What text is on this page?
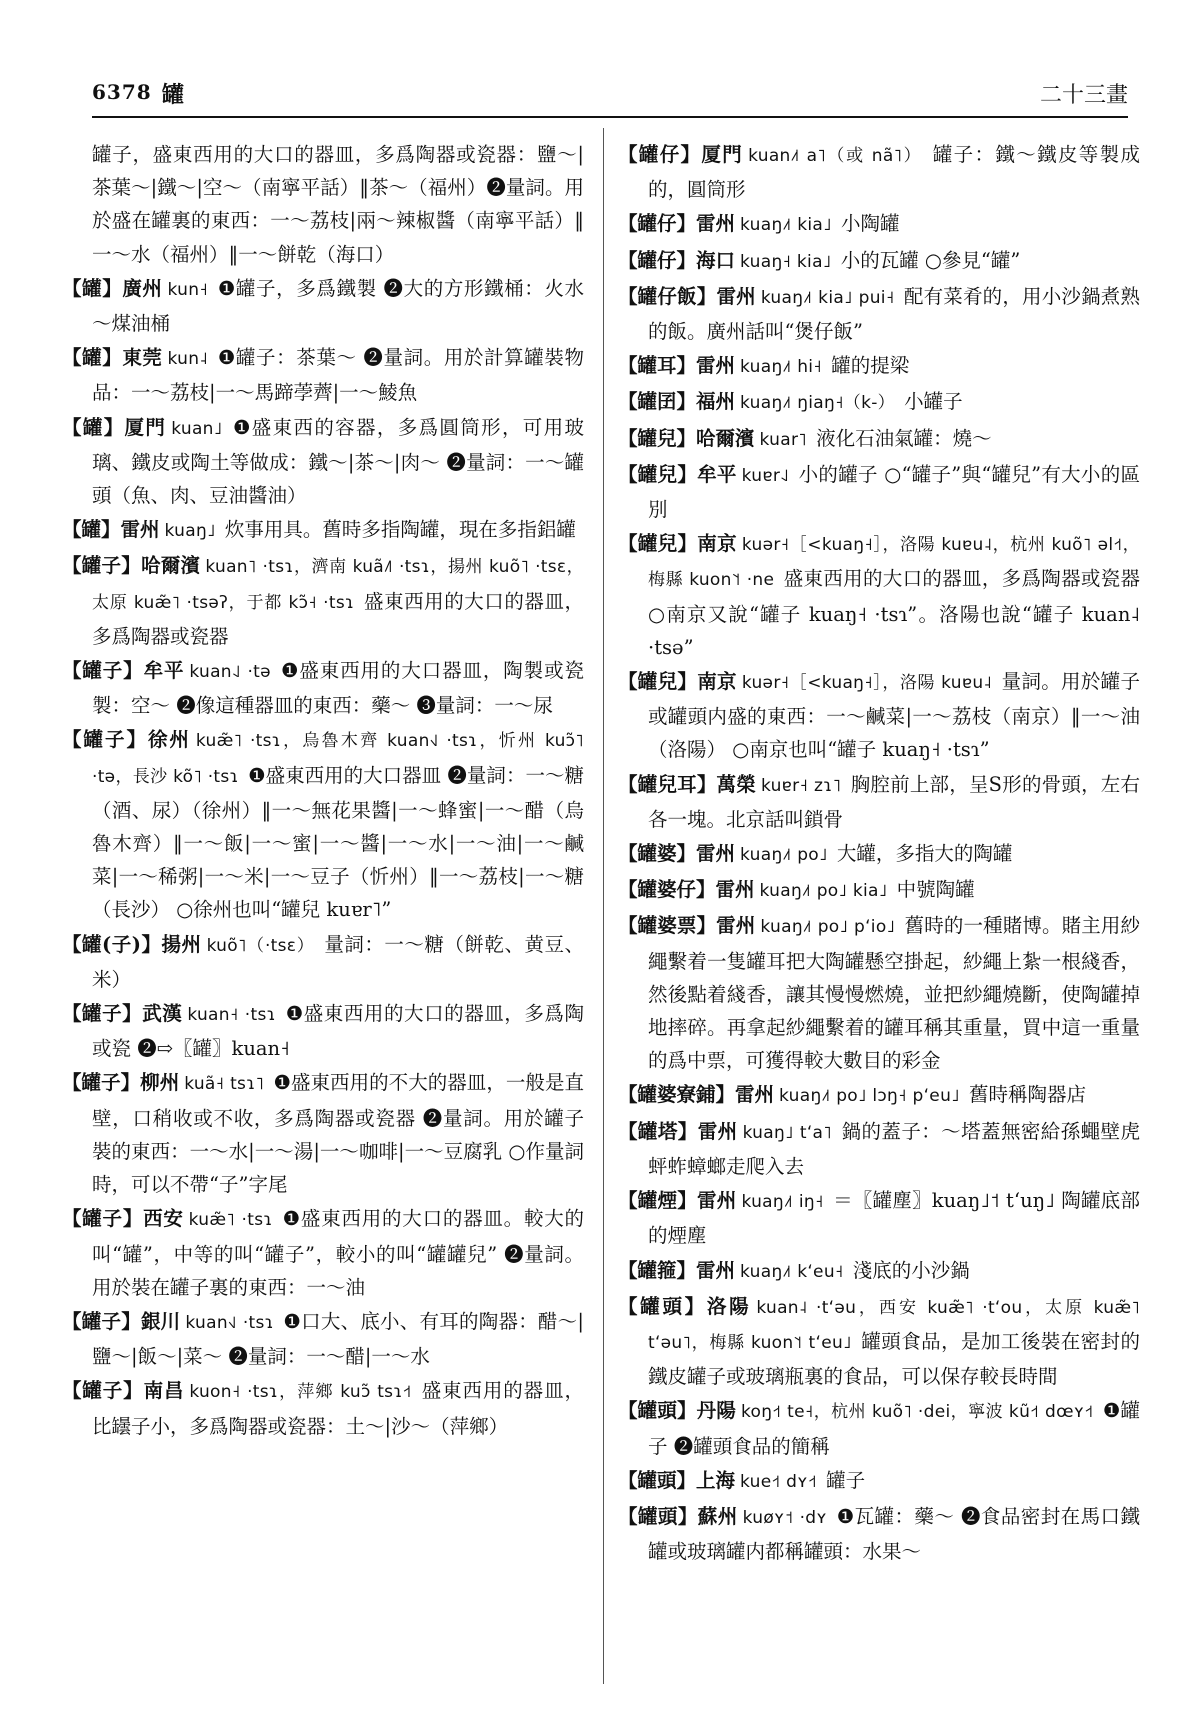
6378 罐	二十三畫

罐子，盛東西用的大口的器皿，多爲陶器或瓷器：鹽～|茶葉～|鐵～|空～（南寧平話）‖茶～（福州）❷量詞。用於盛在罐裏的東西：一～荔枝|兩～辣椒醬（南寧平話）‖一～水（福州）‖一～餅乾（海口）

【罐】廣州 kun˧ ❶罐子，多爲鐵製 ❷大的方形鐵桶：火水～煤油桶

【罐】東莞 kun˨ ❶罐子：茶葉～ ❷量詞。用於計算罐裝物品：一～荔枝|一～馬蹄荸薺|一～鯪魚

【罐】厦門 kuan˩ ❶盛東西的容器，多爲圓筒形，可用玻璃、鐵皮或陶土等做成：鐵～|茶～|肉～ ❷量詞：一～罐頭（魚、肉、豆油醬油）

【罐】雷州 kuaŋ˩ 炊事用具。舊時多指陶罐，現在多指鋁罐

【罐子】哈爾濱 kuan˥ ·tsɿ，濟南 kuã˩˥ ·tsɿ，揚州 kuõ˥ ·tsɛ，太原 kuæ̃˥ ·tsəʔ，于都 kɔ̃˧ ·tsɿ 盛東西用的大口的器皿，多爲陶器或瓷器

【罐子】牟平 kuan˨˩ ·tə ❶盛東西用的大口器皿，陶製或瓷製：空～ ❷像這種器皿的東西：藥～ ❸量詞：一～尿

【罐子】徐州 kuæ̃˥ ·tsɿ，烏魯木齊 kuan˧˩ ·tsɿ，忻州 kuɔ̃˥ ·tə，長沙 kõ˥ ·tsɿ ❶盛東西用的大口器皿 ❷量詞：一～糖（酒、尿）（徐州）‖一～無花果醬|一～蜂蜜|一～醋（烏魯木齊）‖一～飯|一～蜜|一～醬|一～水|一～油|一～鹹菜|一～稀粥|一～米|一～豆子（忻州）‖一～荔枝|一～糖（長沙） ○徐州也叫“罐兒 kuɐr˥”

【罐(子)】揚州 kuõ˥（·tsɛ） 量詞：一～糖（餅乾、黄豆、米）

【罐子】武漢 kuan˧ ·tsɿ ❶盛東西用的大口的器皿，多爲陶或瓷 ❷⇨〖罐〗kuan˧

【罐子】柳州 kuã˧ tsɿ˥ ❶盛東西用的不大的器皿，一般是直壁，口稍收或不收，多爲陶器或瓷器 ❷量詞。用於罐子裝的東西：一～水|一～湯|一～咖啡|一～豆腐乳 ○作量詞時，可以不帶“子”字尾

【罐子】西安 kuæ̃˥ ·tsɿ ❶盛東西用的大口的器皿。較大的叫“罐”，中等的叫“罐子”，較小的叫“罐罐兒” ❷量詞。用於裝在罐子裏的東西：一～油

【罐子】銀川 kuan˧˩ ·tsɿ ❶口大、底小、有耳的陶器：醋～|鹽～|飯～|菜～ ❷量詞：一～醋|一～水

【罐子】南昌 kuon˧ ·tsɿ，萍鄉 kuɔ̃ tsɿ˧˦ 盛東西用的器皿，比罎子小，多爲陶器或瓷器：土～|沙～（萍鄉）

【罐仔】厦門 kuan˩˦ a˥（或 nã˥） 罐子：鐵～鐵皮等製成的，圓筒形

【罐仔】雷州 kuaŋ˩˦ kia˩ 小陶罐

【罐仔】海口 kuaŋ˧ kia˩ 小的瓦罐 ○參見“罐”

【罐仔飯】雷州 kuaŋ˩˦ kia˩ pui˧ 配有菜肴的，用小沙鍋煮熟的飯。廣州話叫“煲仔飯”

【罐耳】雷州 kuaŋ˩˦ hi˧ 罐的提梁

【罐囝】福州 kuaŋ˩˦ ŋiaŋ˧（k-） 小罐子

【罐兒】哈爾濱 kuar˥ 液化石油氣罐：燒～

【罐兒】牟平 kuɐr˨˩ 小的罐子 ○“罐子”與“罐兒”有大小的區別

【罐兒】南京 kuər˧［<kuaŋ˧］，洛陽 kuɐu˨，杭州 kuõ˥ əl˧˦，梅縣 kuon˥˦ ·ne 盛東西用的大口的器皿，多爲陶器或瓷器 ○南京又說“罐子 kuaŋ˧ ·tsɿ”。洛陽也說“罐子 kuan˨ ·tsə”

【罐兒】南京 kuər˧［<kuaŋ˧］，洛陽 kuɐu˨ 量詞。用於罐子或罐頭内盛的東西：一～鹹菜|一～荔枝（南京）‖一～油（洛陽） ○南京也叫“罐子 kuaŋ˧ ·tsɿ”

【罐兒耳】萬榮 kuɐr˧ zɿ˥ 胸腔前上部，呈S形的骨頭，左右各一塊。北京話叫鎖骨

【罐婆】雷州 kuaŋ˩˦ po˩ 大罐，多指大的陶罐

【罐婆仔】雷州 kuaŋ˩˦ po˩ kia˩ 中號陶罐

【罐婆票】雷州 kuaŋ˩˦ po˩ pʻio˩ 舊時的一種賭博。賭主用紗繩繫着一隻罐耳把大陶罐懸空掛起，紗繩上紮一根綫香，然後點着綫香，讓其慢慢燃燒，並把紗繩燒斷，使陶罐掉地摔碎。再拿起紗繩繫着的罐耳稱其重量，買中這一重量的爲中票，可獲得較大數目的彩金

【罐婆寮鋪】雷州 kuaŋ˩˦ po˩ lɔŋ˧ pʻeu˩ 舊時稱陶器店

【罐塔】雷州 kuaŋ˩ tʻa˥ 鍋的蓋子：～塔蓋無密給孫蠅壁虎蚲蚱蟑螂走爬入去

【罐煙】雷州 kuaŋ˩˦ iŋ˧ ＝〖罐塵〗kuaŋ˩˦ tʻuŋ˩ 陶罐底部的煙塵

【罐箍】雷州 kuaŋ˩˦ kʻeu˧ 淺底的小沙鍋

【罐頭】洛陽 kuan˨ ·tʻəu，西安 kuæ̃˥ ·tʻou，太原 kuæ̃˥ tʻəu˥，梅縣 kuon˥˦ tʻeu˩ 罐頭食品，是加工後裝在密封的鐵皮罐子或玻璃瓶裏的食品，可以保存較長時間

【罐頭】丹陽 koŋ˧˦ te˧，杭州 kuõ˥ ·dei，寧波 kũ˧˦ dœʏ˧˦ ❶罐子 ❷罐頭食品的簡稱

【罐頭】上海 kue˧˦ dʏ˧˦ 罐子

【罐頭】蘇州 kuøʏ˦ ·dʏ ❶瓦罐：藥～ ❷食品密封在馬口鐵罐或玻璃罐内都稱罐頭：水果～
